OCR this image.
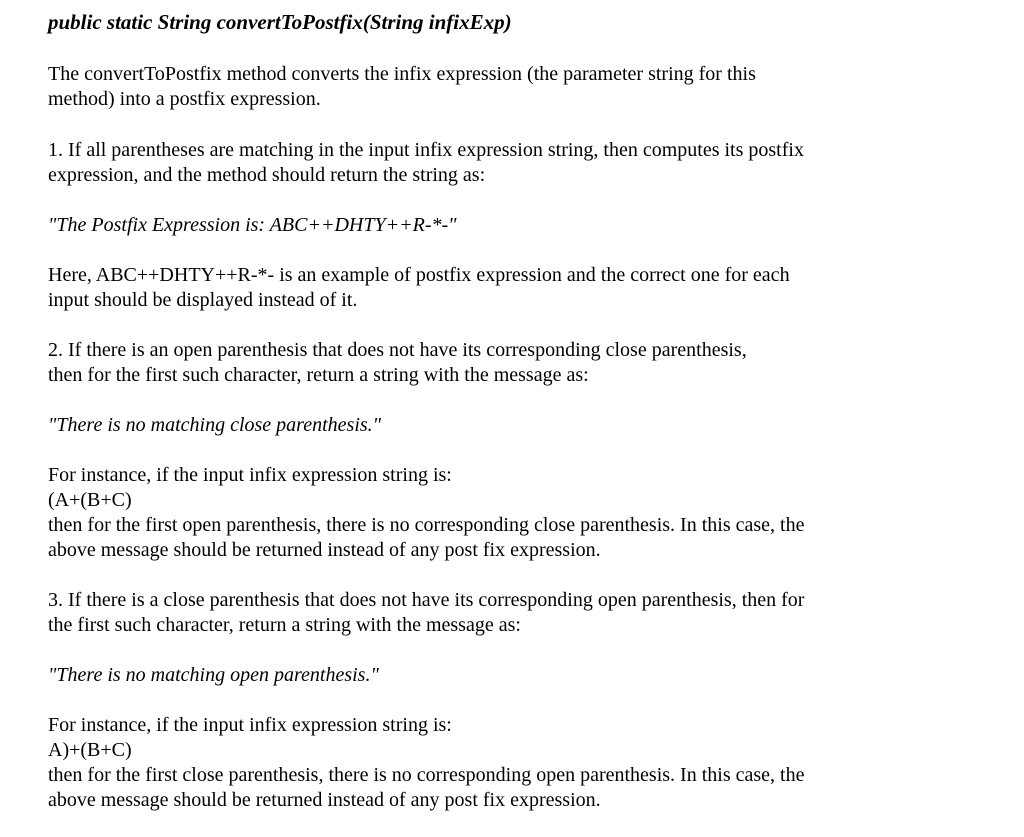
public static String convertToPostfix(String infixExp)
The convertToPostfix method converts the infix expression (the parameter string for this
method) into a postfix expression.
1. If all parentheses are matching in the input infix expression string, then computes its postfix
expression, and the method should return the string as:
"The Postfix Expression is: ABC++DHTY++R-*-"
Here, ABC++DHTY++R-*- is an example of postfix expression and the correct one for each
input should be displayed instead of it.
2. If there is an open parenthesis that does not have its corresponding close parenthesis,
then for the first such character, return a string with the message as:
"There is no matching close parenthesis."
For instance, if the input infix expression string is:
(A+(B+C)
then for the first open parenthesis, there is no corresponding close parenthesis. In this case, the
above message should be returned instead of any post fix expression.
3. If there is a close parenthesis that does not have its corresponding open parenthesis, then for
the first such character, return a string with the message as:
"There is no matching open parenthesis."
For instance, if the input infix expression string is:
A)+(B+C)
then for the first close parenthesis, there is no corresponding open parenthesis. In this case, the
above message should be returned instead of any post fix expression.
